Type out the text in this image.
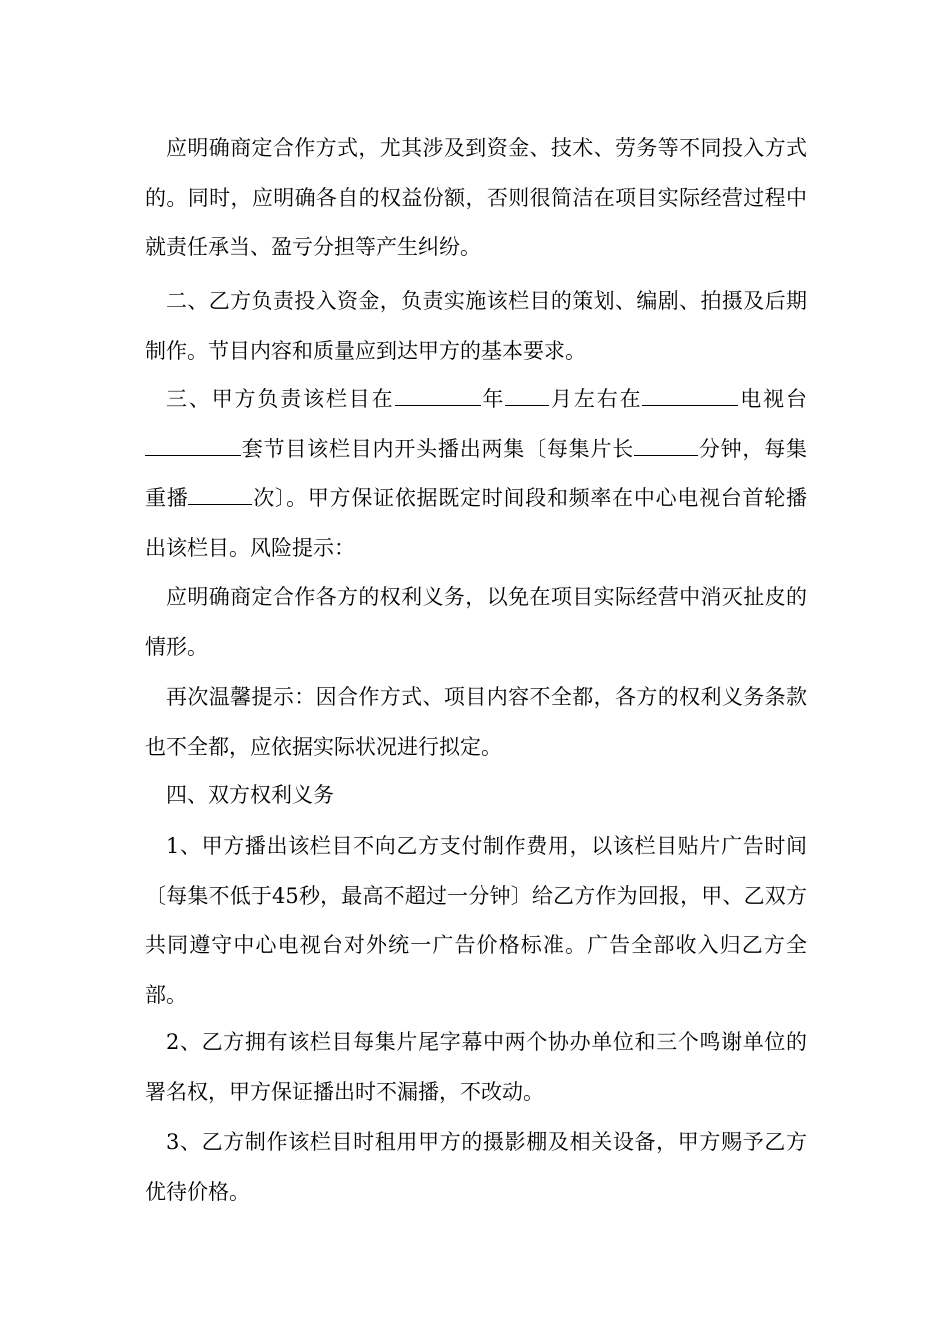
应明确商定合作方式，尤其涉及到资金、技术、劳务等不同投入方式的。同时，应明确各自的权益份额，否则很简洁在项目实际经营过程中就责任承当、盈亏分担等产生纠纷。

二、乙方负责投入资金，负责实施该栏目的策划、编剧、拍摄及后期制作。节目内容和质量应到达甲方的基本要求。

三、甲方负责该栏目在	年 月左右在	电视台套节目该栏目内开头播出两集〔每集片长	分钟，每集重播	次〕。甲方保证依据既定时间段和频率在中心电视台首轮播出该栏目。风险提示：

应明确商定合作各方的权利义务，以免在项目实际经营中消灭扯皮的情形。

再次温馨提示：因合作方式、项目内容不全都，各方的权利义务条款也不全都，应依据实际状况进行拟定。

四、双方权利义务

1、甲方播出该栏目不向乙方支付制作费用，以该栏目贴片广告时间〔每集不低于45秒，最高不超过一分钟〕给乙方作为回报，甲、乙双方共同遵守中心电视台对外统一广告价格标准。广告全部收入归乙方全部。

2、乙方拥有该栏目每集片尾字幕中两个协办单位和三个鸣谢单位的署名权，甲方保证播出时不漏播，不改动。

3、乙方制作该栏目时租用甲方的摄影棚及相关设备，甲方赐予乙方优待价格。
